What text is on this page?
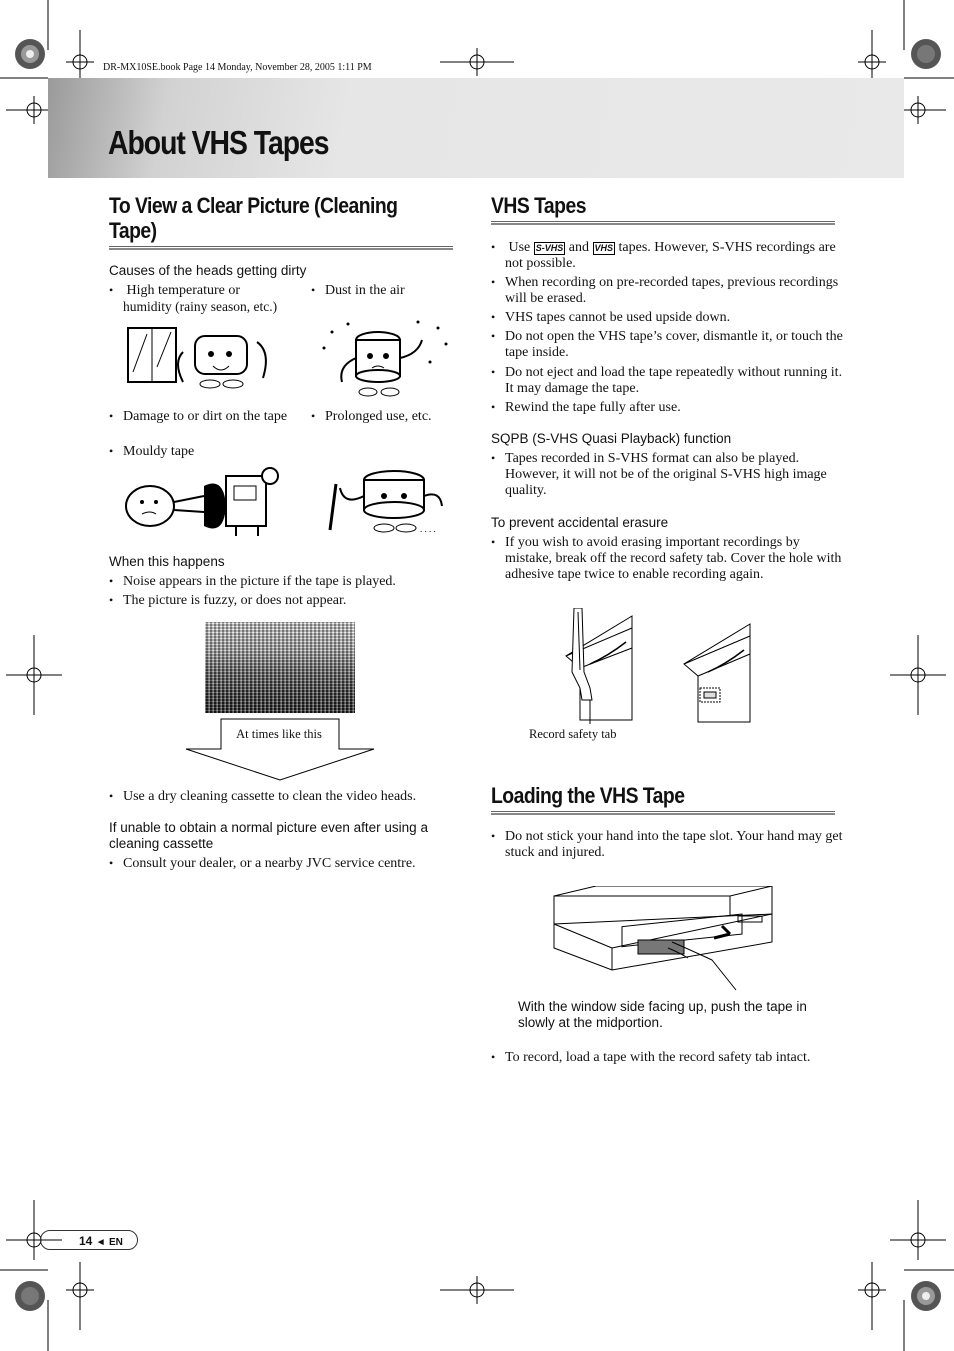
DR-MX10SE.book Page 14 Monday, November 28, 2005 1:11 PM
About VHS Tapes
To View a Clear Picture (Cleaning Tape)
Causes of the heads getting dirty
• High temperature or
humidity (rainy season, etc.)
• Dust in the air
• Damage to or dirt on the tape
•	Prolonged use, etc.
• Mouldy tape
. . . .
When this happens
• Noise appears in the picture if the tape is played.
• The picture is fuzzy, or does not appear.
At times like this
• Use a dry cleaning cassette to clean the video heads.
If unable to obtain a normal picture even after using a cleaning cassette
• Consult your dealer, or a nearby JVC service centre.
VHS Tapes
• Use S-VHS and VHS tapes. However, S-VHS recordings are not possible.
• When recording on pre-recorded tapes, previous recordings will be erased.
• VHS tapes cannot be used upside down.
• Do not open the VHS tape’s cover, dismantle it, or touch the tape inside.
• Do not eject and load the tape repeatedly without running it. It may damage the tape.
• Rewind the tape fully after use.
SQPB (S-VHS Quasi Playback) function
• Tapes recorded in S-VHS format can also be played. However, it will not be of the original S-VHS high image quality.
To prevent accidental erasure
• If you wish to avoid erasing important recordings by mistake, break off the record safety tab. Cover the hole with adhesive tape twice to enable recording again.
Record safety tab
Loading the VHS Tape
• Do not stick your hand into the tape slot. Your hand may get stuck and injured.
With the window side facing up, push the tape in slowly at the midportion.
• To record, load a tape with the record safety tab intact.
14 ◄ EN
